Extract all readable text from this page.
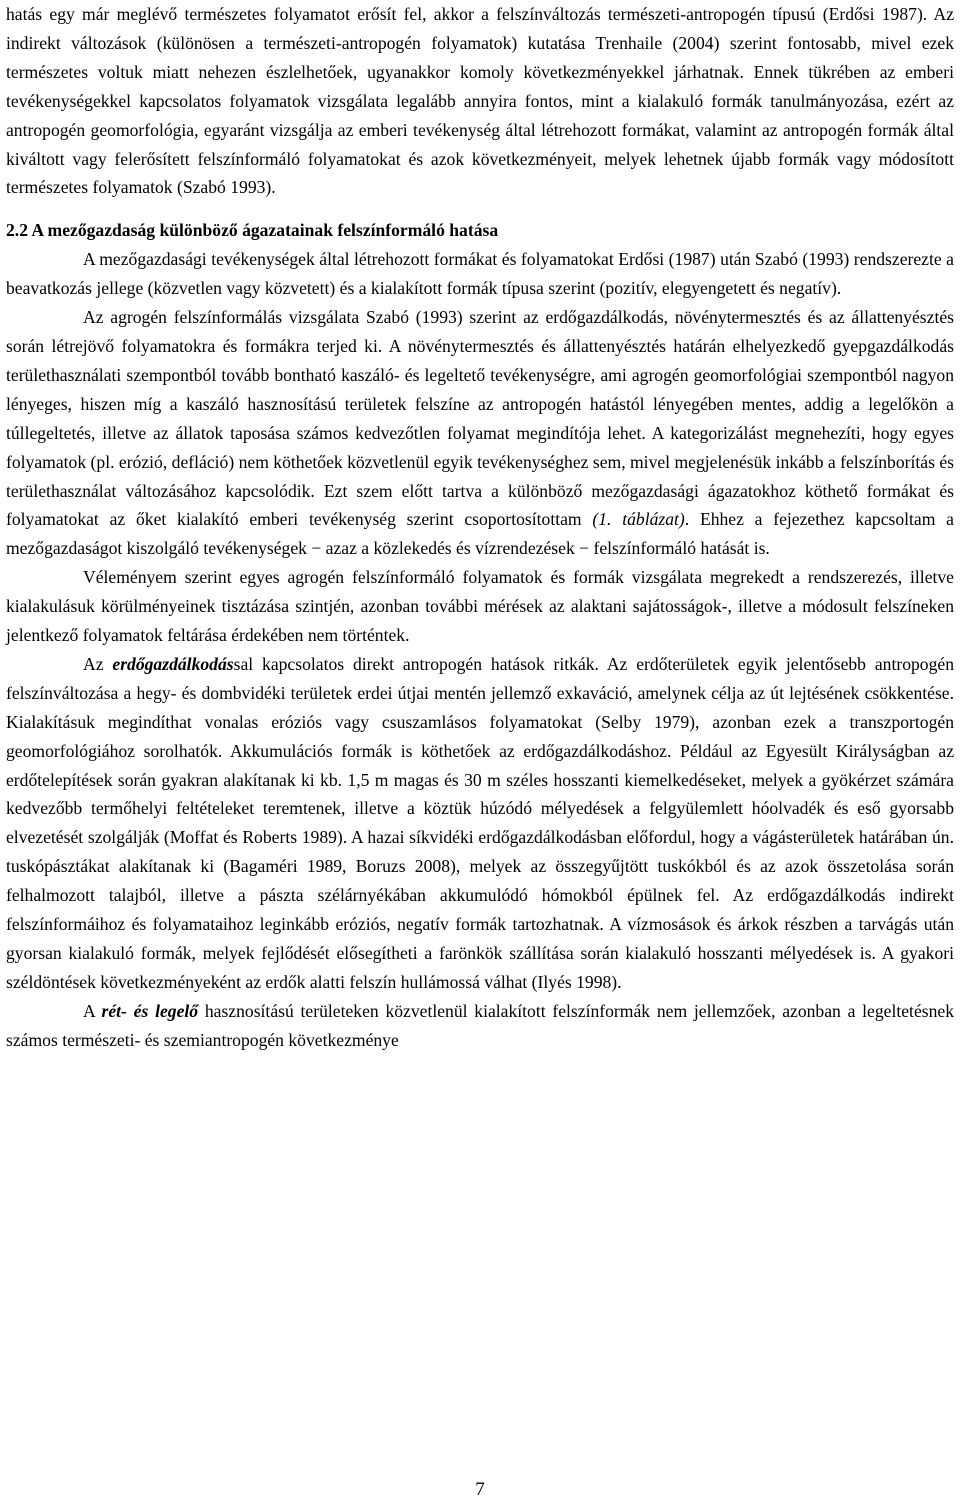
hatás egy már meglévő természetes folyamatot erősít fel, akkor a felszínváltozás természeti-antropogén típusú (Erdősi 1987). Az indirekt változások (különösen a természeti-antropogén folyamatok) kutatása Trenhaile (2004) szerint fontosabb, mivel ezek természetes voltuk miatt nehezen észlelhetőek, ugyanakkor komoly következményekkel járhatnak. Ennek tükrében az emberi tevékenységekkel kapcsolatos folyamatok vizsgálata legalább annyira fontos, mint a kialakuló formák tanulmányozása, ezért az antropogén geomorfológia, egyaránt vizsgálja az emberi tevékenység által létrehozott formákat, valamint az antropogén formák által kiváltott vagy felerősített felszínformáló folyamatokat és azok következményeit, melyek lehetnek újabb formák vagy módosított természetes folyamatok (Szabó 1993).

2.2 A mezőgazdaság különböző ágazatainak felszínformáló hatása

A mezőgazdasági tevékenységek által létrehozott formákat és folyamatokat Erdősi (1987) után Szabó (1993) rendszerezte a beavatkozás jellege (közvetlen vagy közvetett) és a kialakított formák típusa szerint (pozitív, elegyengetett és negatív).

Az agrogén felszínformálás vizsgálata Szabó (1993) szerint az erdőgazdálkodás, növénytermesztés és az állattenyésztés során létrejövő folyamatokra és formákra terjed ki. A növénytermesztés és állattenyésztés határán elhelyezkedő gyepgazdálkodás területhasználati szempontból tovább bontható kaszáló- és legeltető tevékenységre, ami agrogén geomorfológiai szempontból nagyon lényeges, hiszen míg a kaszáló hasznosítású területek felszíne az antropogén hatástól lényegében mentes, addig a legelőkön a túllegeltetés, illetve az állatok taposása számos kedvezőtlen folyamat megindítója lehet. A kategorizálást megnehezíti, hogy egyes folyamatok (pl. erózió, defláció) nem köthetőek közvetlenül egyik tevékenységhez sem, mivel megjelenésük inkább a felszínborítás és területhasználat változásához kapcsolódik. Ezt szem előtt tartva a különböző mezőgazdasági ágazatokhoz köthető formákat és folyamatokat az őket kialakító emberi tevékenység szerint csoportosítottam (1. táblázat). Ehhez a fejezethez kapcsoltam a mezőgazdaságot kiszolgáló tevékenységek − azaz a közlekedés és vízrendezések − felszínformáló hatását is.

Véleményem szerint egyes agrogén felszínformáló folyamatok és formák vizsgálata megrekedt a rendszerezés, illetve kialakulásuk körülményeinek tisztázása szintjén, azonban további mérések az alaktani sajátosságok-, illetve a módosult felszíneken jelentkező folyamatok feltárása érdekében nem történtek.

Az erdőgazdálkodással kapcsolatos direkt antropogén hatások ritkák. Az erdőterületek egyik jelentősebb antropogén felszínváltozása a hegy- és dombvidéki területek erdei útjai mentén jellemző exkaváció, amelynek célja az út lejtésének csökkentése. Kialakításuk megindíthat vonalas eróziós vagy csuszamlásos folyamatokat (Selby 1979), azonban ezek a transzportogén geomorfológiához sorolhatók. Akkumulációs formák is köthetőek az erdőgazdálkodáshoz. Például az Egyesült Királyságban az erdőtelepítések során gyakran alakítanak ki kb. 1,5 m magas és 30 m széles hosszanti kiemelkedéseket, melyek a gyökérzet számára kedvezőbb termőhelyi feltételeket teremtenek, illetve a köztük húzódó mélyedések a felgyülemlett hóolvadék és eső gyorsabb elvezetését szolgálják (Moffat és Roberts 1989). A hazai síkvidéki erdőgazdálkodásban előfordul, hogy a vágásterületek határában ún. tuskópásztákat alakítanak ki (Bagaméri 1989, Boruzs 2008), melyek az összegyűjtött tuskókból és az azok összetolása során felhalmozott talajból, illetve a pászta szélárnyékában akkumulódó hómokból épülnek fel. Az erdőgazdálkodás indirekt felszínformáihoz és folyamataihoz leginkább eróziós, negatív formák tartozhatnak. A vízmosások és árkok részben a tarvágás után gyorsan kialakuló formák, melyek fejlődését elősegítheti a farönkök szállítása során kialakuló hosszanti mélyedések is. A gyakori széldöntések következményeként az erdők alatti felszín hullámossá válhat (Ilyés 1998).

A rét- és legelő hasznosítású területeken közvetlenül kialakított felszínformák nem jellemzőek, azonban a legeltetésnek számos természeti- és szemiantropogén következménye

7
